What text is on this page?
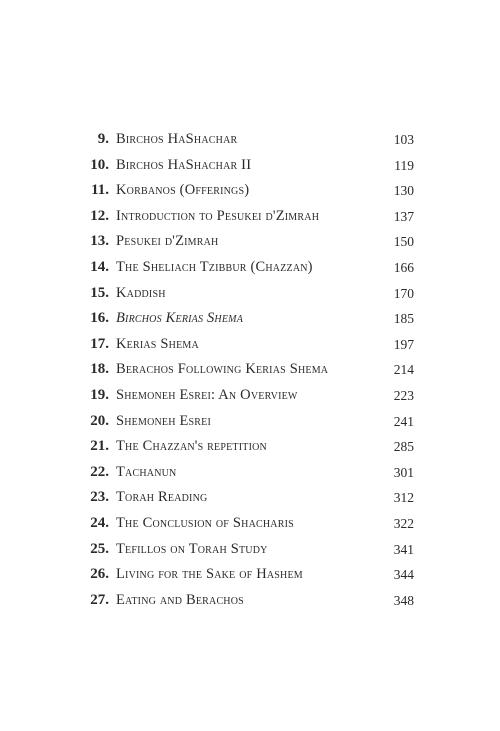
9. Birchos HaShachar	103
10. Birchos HaShachar II	119
11. Korbanos (Offerings)	130
12. Introduction to Pesukei d'Zimrah	137
13. Pesukei d'Zimrah	150
14. The Sheliach Tzibbur (Chazzan)	166
15. Kaddish	170
16. Birchos Kerias Shema	185
17. Kerias Shema	197
18. Berachos Following Kerias Shema	214
19. Shemoneh Esrei: An Overview	223
20. Shemoneh Esrei	241
21. The Chazzan's repetition	285
22. Tachanun	301
23. Torah Reading	312
24. The Conclusion of Shacharis	322
25. Tefillos on Torah Study	341
26. Living for the Sake of Hashem	344
27. Eating and Berachos	348
